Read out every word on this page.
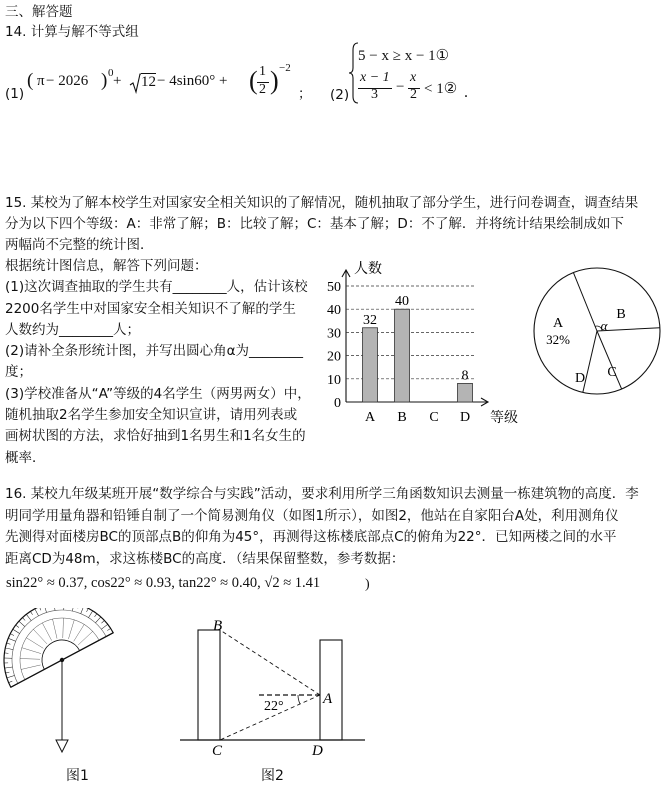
三、解答题
14. 计算与解不等式组
(1)
( π − 2026 ) 0 + 12 − 4sin60° + ( 1
2 ) −2
； (2)
5 − x ≥ x − 1①
x − 1
3 −
x
2 < 1② .
15. 某校为了解本校学生对国家安全相关知识的了解情况，随机抽取了部分学生，进行问卷调查，调查结果
分为以下四个等级：A：非常了解；B：比较了解；C：基本了解；D：不了解．并将统计结果绘制成如下
两幅尚不完整的统计图．
根据统计图信息，解答下列问题：
(1)这次调查抽取的学生共有________人，估计该校
2200名学生中对国家安全相关知识不了解的学生
人数约为________人；
(2)请补全条形统计图，并写出圆心角α为________
度；
(3)学校准备从“A”等级的4名学生（两男两女）中，
随机抽取2名学生参加安全知识宣讲，请用列表或
画树状图的方法，求恰好抽到1名男生和1名女生的
概率．
0
10
20
30
40
50
人数
等级
32
A
40
B C
8
D
A
32%
B
C
D
α
16. 某校九年级某班开展“数学综合与实践”活动，要求利用所学三角函数知识去测量一栋建筑物的高度．李
明同学用量角器和铅锤自制了一个简易测角仪（如图1所示），如图2，他站在自家阳台A处，利用测角仪
先测得对面楼房BC的顶部点B的仰角为45°，再测得这栋楼底部点C的俯角为22°．已知两楼之间的水平
距离CD为48m，求这栋楼BC的高度．（结果保留整数，参考数据：
sin22° ≈ 0.37, cos22° ≈ 0.93, tan22° ≈ 0.40, √2 ≈ 1.41	)
图1
B
A
C	D
22°
图2
